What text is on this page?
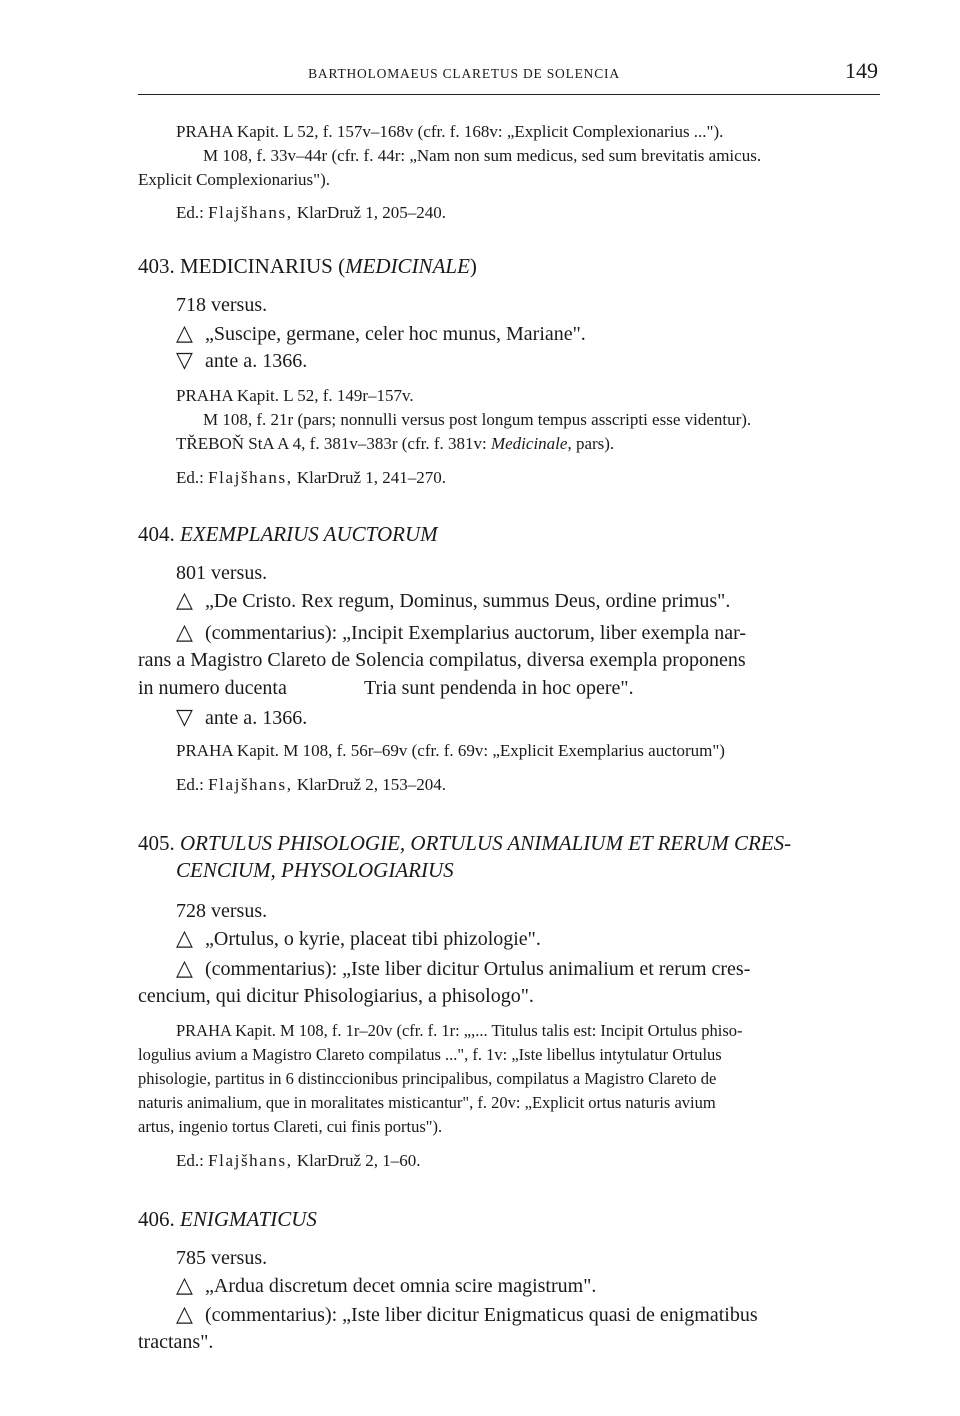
BARTHOLOMAEUS CLARETUS DE SOLENCIA	149
PRAHA Kapit. L 52, f. 157v–168v (cfr. f. 168v: „Explicit Complexionarius ...").
M 108, f. 33v–44r (cfr. f. 44r: „Nam non sum medicus, sed sum brevitatis amicus.
Explicit Complexionarius").
Ed.: Flajšhans, KlarDruž 1, 205–240.
403. MEDICINARIUS (MEDICINALE)
718 versus.
△ „Suscipe, germane, celer hoc munus, Mariane".
▽ ante a. 1366.
PRAHA Kapit. L 52, f. 149r–157v.
M 108, f. 21r (pars; nonnulli versus post longum tempus asscripti esse videntur).
TŘEBOŇ StA A 4, f. 381v–383r (cfr. f. 381v: Medicinale, pars).
Ed.: Flajšhans, KlarDruž 1, 241–270.
404. EXEMPLARIUS AUCTORUM
801 versus.
△ „De Cristo. Rex regum, Dominus, summus Deus, ordine primus".
△ (commentarius): „Incipit Exemplarius auctorum, liber exempla nar-
rans a Magistro Clareto de Solencia compilatus, diversa exempla proponens
in numero ducenta	Tria sunt pendenda in hoc opere".
▽ ante a. 1366.
PRAHA Kapit. M 108, f. 56r–69v (cfr. f. 69v: „Explicit Exemplarius auctorum")
Ed.: Flajšhans, KlarDruž 2, 153–204.
405. ORTULUS PHISOLOGIE, ORTULUS ANIMALIUM ET RERUM CRES-
CENCIUM, PHYSOLOGIARIUS
728 versus.
△ „Ortulus, o kyrie, placeat tibi phizologie".
△ (commentarius): „Iste liber dicitur Ortulus animalium et rerum cres-
cencium, qui dicitur Phisologiarius, a phisologo".
PRAHA Kapit. M 108, f. 1r–20v (cfr. f. 1r: „,... Titulus talis est: Incipit Ortulus phiso-
logulius avium a Magistro Clareto compilatus ...", f. 1v: „Iste libellus intytulatur Ortulus
phisologie, partitus in 6 distinccionibus principalibus, compilatus a Magistro Clareto de
naturis animalium, que in moralitates misticantur", f. 20v: „Explicit ortus naturis avium
artus, ingenio tortus Clareti, cui finis portus").
Ed.: Flajšhans, KlarDruž 2, 1–60.
406. ENIGMATICUS
785 versus.
△ „Ardua discretum decet omnia scire magistrum".
△ (commentarius): „Iste liber dicitur Enigmaticus quasi de enigmatibus
tractans".
